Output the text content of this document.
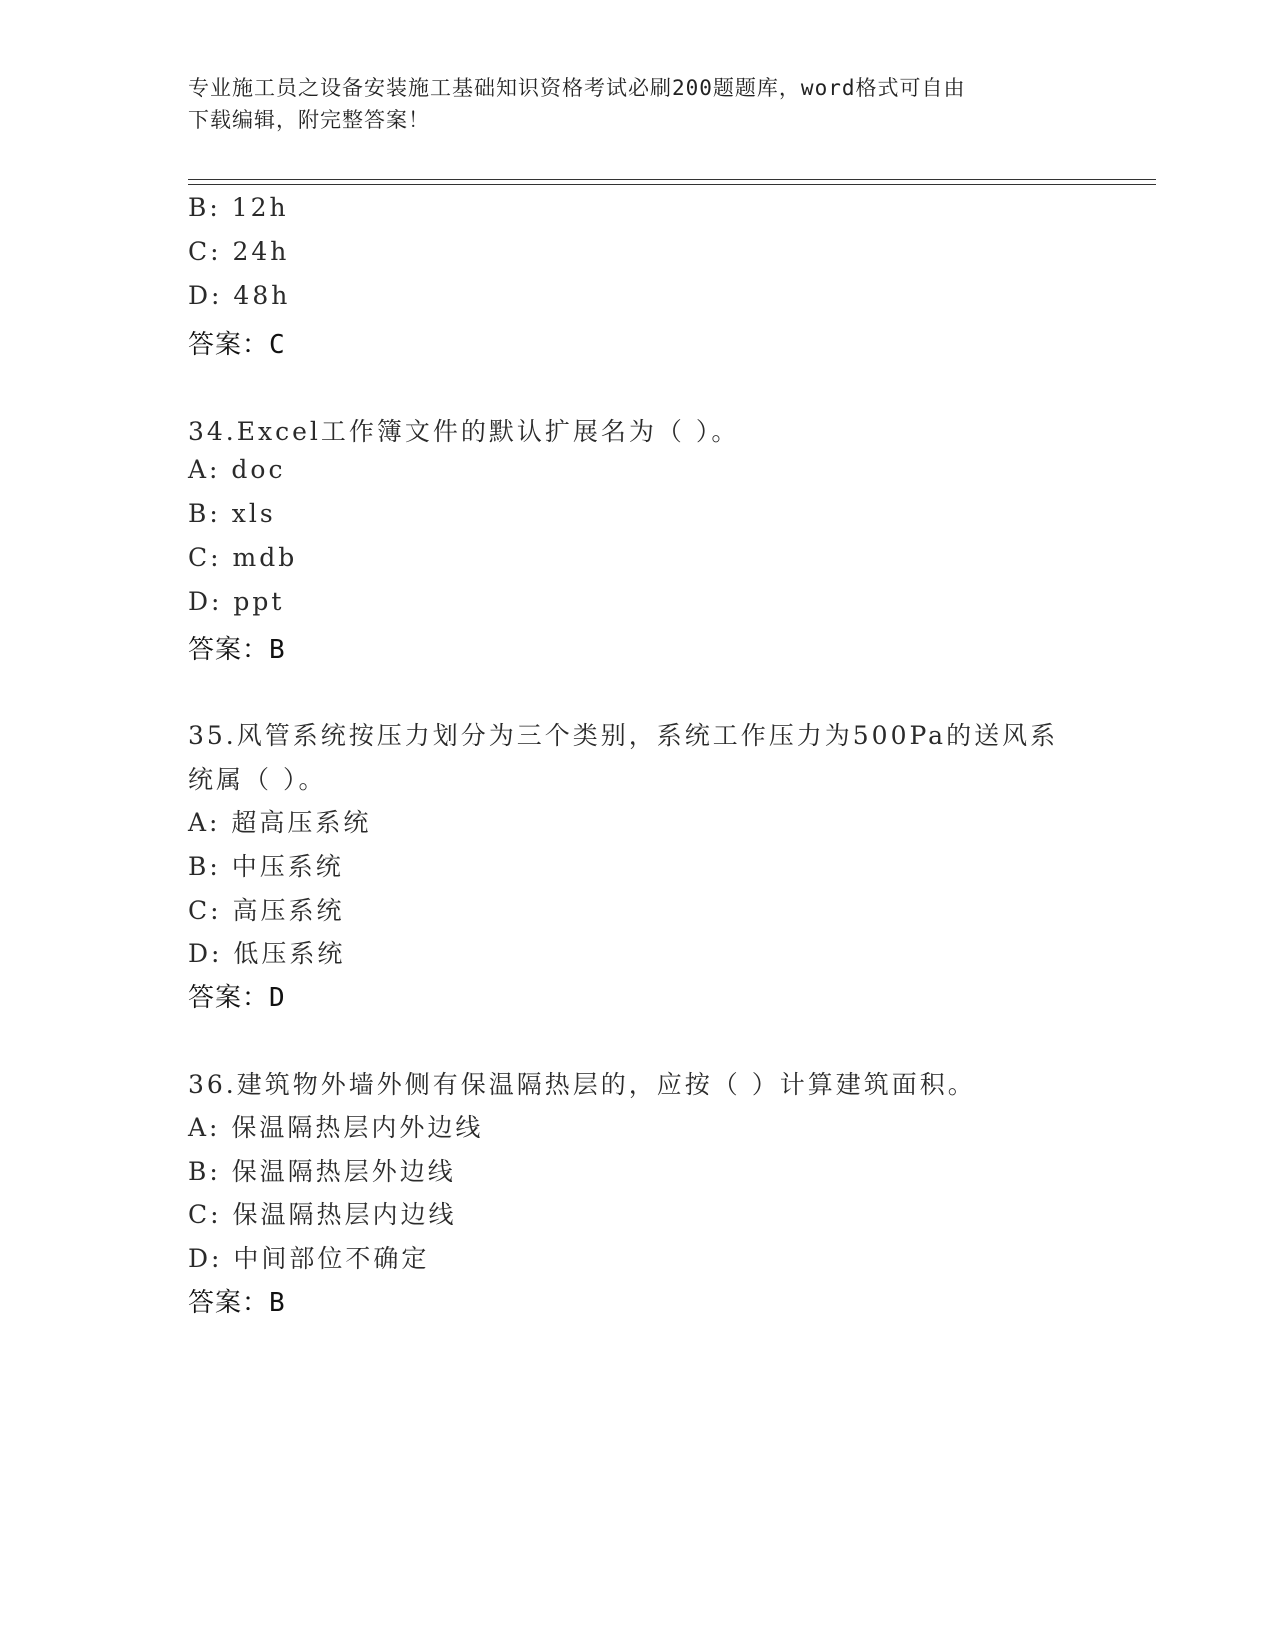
专业施工员之设备安装施工基础知识资格考试必刷200题题库，word格式可自由
下载编辑，附完整答案！
B: 12h
C: 24h
D: 48h
答案：C
34.Excel工作簿文件的默认扩展名为（ ）。
A: doc
B: xls
C: mdb
D: ppt
答案：B
35.风管系统按压力划分为三个类别，系统工作压力为500Pa的送风系
统属（ ）。
A: 超高压系统
B: 中压系统
C: 高压系统
D: 低压系统
答案：D
36.建筑物外墙外侧有保温隔热层的，应按（ ）计算建筑面积。
A: 保温隔热层内外边线
B: 保温隔热层外边线
C: 保温隔热层内边线
D: 中间部位不确定
答案：B
